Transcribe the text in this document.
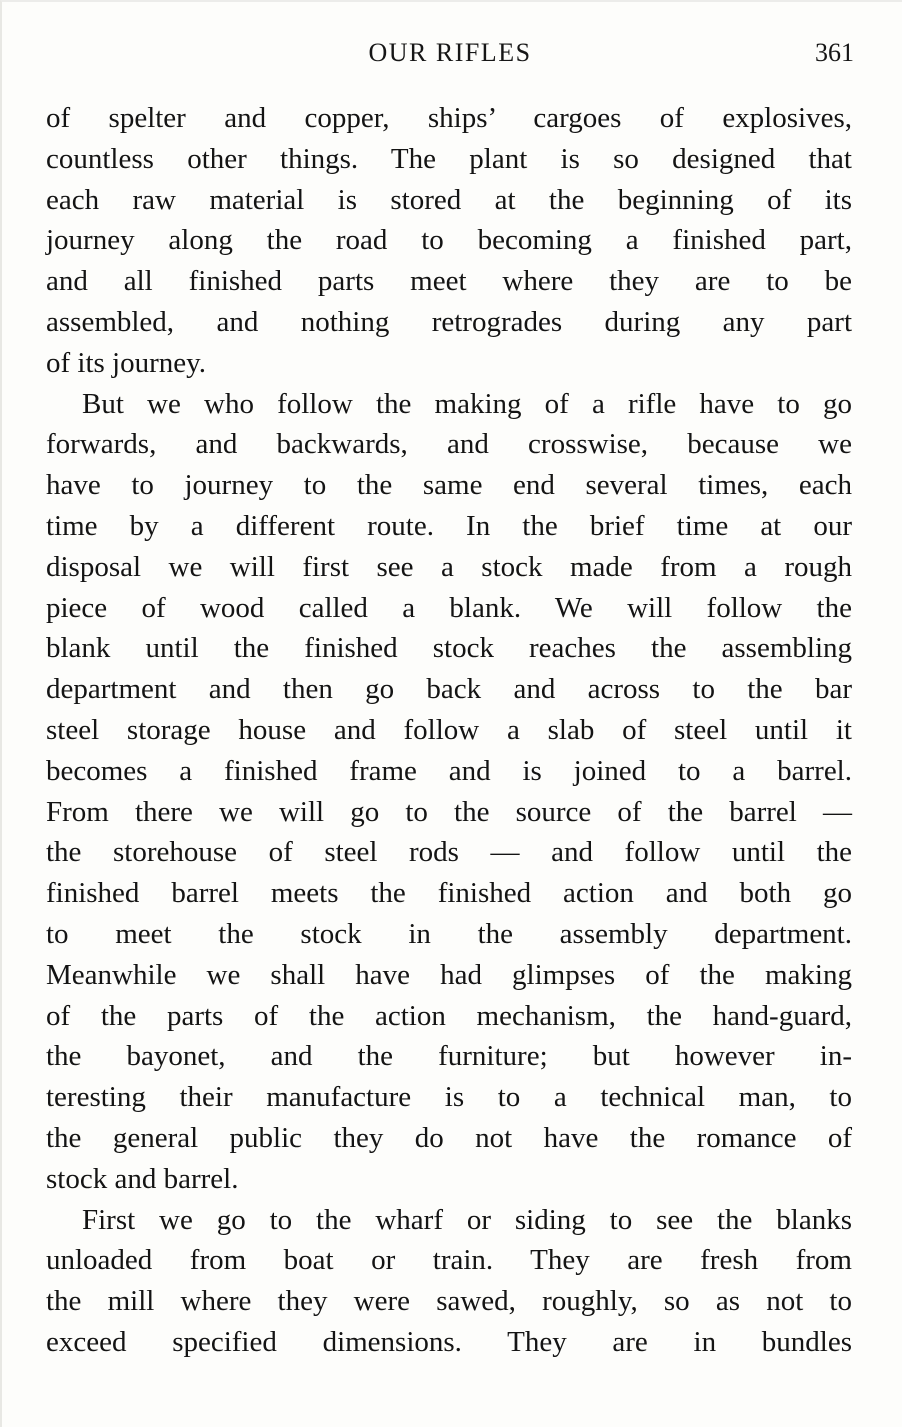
OUR RIFLES	361

of spelter and copper, ships’ cargoes of explosives,
countless other things. The plant is so designed that
each raw material is stored at the beginning of its
journey along the road to becoming a finished part,
and all finished parts meet where they are to be
assembled, and nothing retrogrades during any part
of its journey.

But we who follow the making of a rifle have to go
forwards, and backwards, and crosswise, because we
have to journey to the same end several times, each
time by a different route. In the brief time at our
disposal we will first see a stock made from a rough
piece of wood called a blank. We will follow the
blank until the finished stock reaches the assembling
department and then go back and across to the bar
steel storage house and follow a slab of steel until it
becomes a finished frame and is joined to a barrel.
From there we will go to the source of the barrel —
the storehouse of steel rods — and follow until the
finished barrel meets the finished action and both go
to meet the stock in the assembly department.
Meanwhile we shall have had glimpses of the making
of the parts of the action mechanism, the hand-guard,
the bayonet, and the furniture; but however in-
teresting their manufacture is to a technical man, to
the general public they do not have the romance of
stock and barrel.

First we go to the wharf or siding to see the blanks
unloaded from boat or train. They are fresh from
the mill where they were sawed, roughly, so as not to
exceed specified dimensions. They are in bundles
